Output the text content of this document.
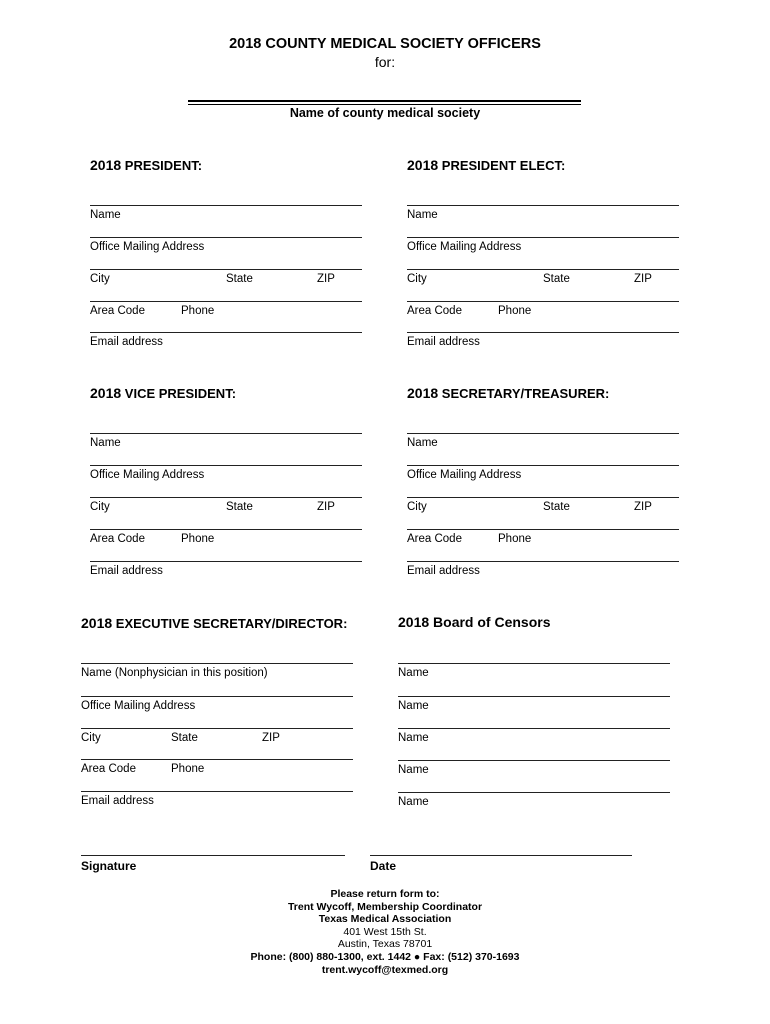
2018 COUNTY MEDICAL SOCIETY OFFICERS
for:
Name of county medical society
2018 PRESIDENT:
Name
Office Mailing Address
City	State	ZIP
Area Code	Phone
Email address
2018 PRESIDENT ELECT:
Name
Office Mailing Address
City	State	ZIP
Area Code	Phone
Email address
2018 VICE PRESIDENT:
Name
Office Mailing Address
City	State	ZIP
Area Code	Phone
Email address
2018 SECRETARY/TREASURER:
Name
Office Mailing Address
City	State	ZIP
Area Code	Phone
Email address
2018 EXECUTIVE SECRETARY/DIRECTOR:
Name (Nonphysician in this position)
Office Mailing Address
City	State	ZIP
Area Code	Phone
Email address
2018 Board of Censors
Name
Name
Name
Name
Name
Signature	Date
Please return form to:
Trent Wycoff, Membership Coordinator
Texas Medical Association
401 West 15th St.
Austin, Texas 78701
Phone: (800) 880-1300, ext. 1442 ● Fax: (512) 370-1693
trent.wycoff@texmed.org
